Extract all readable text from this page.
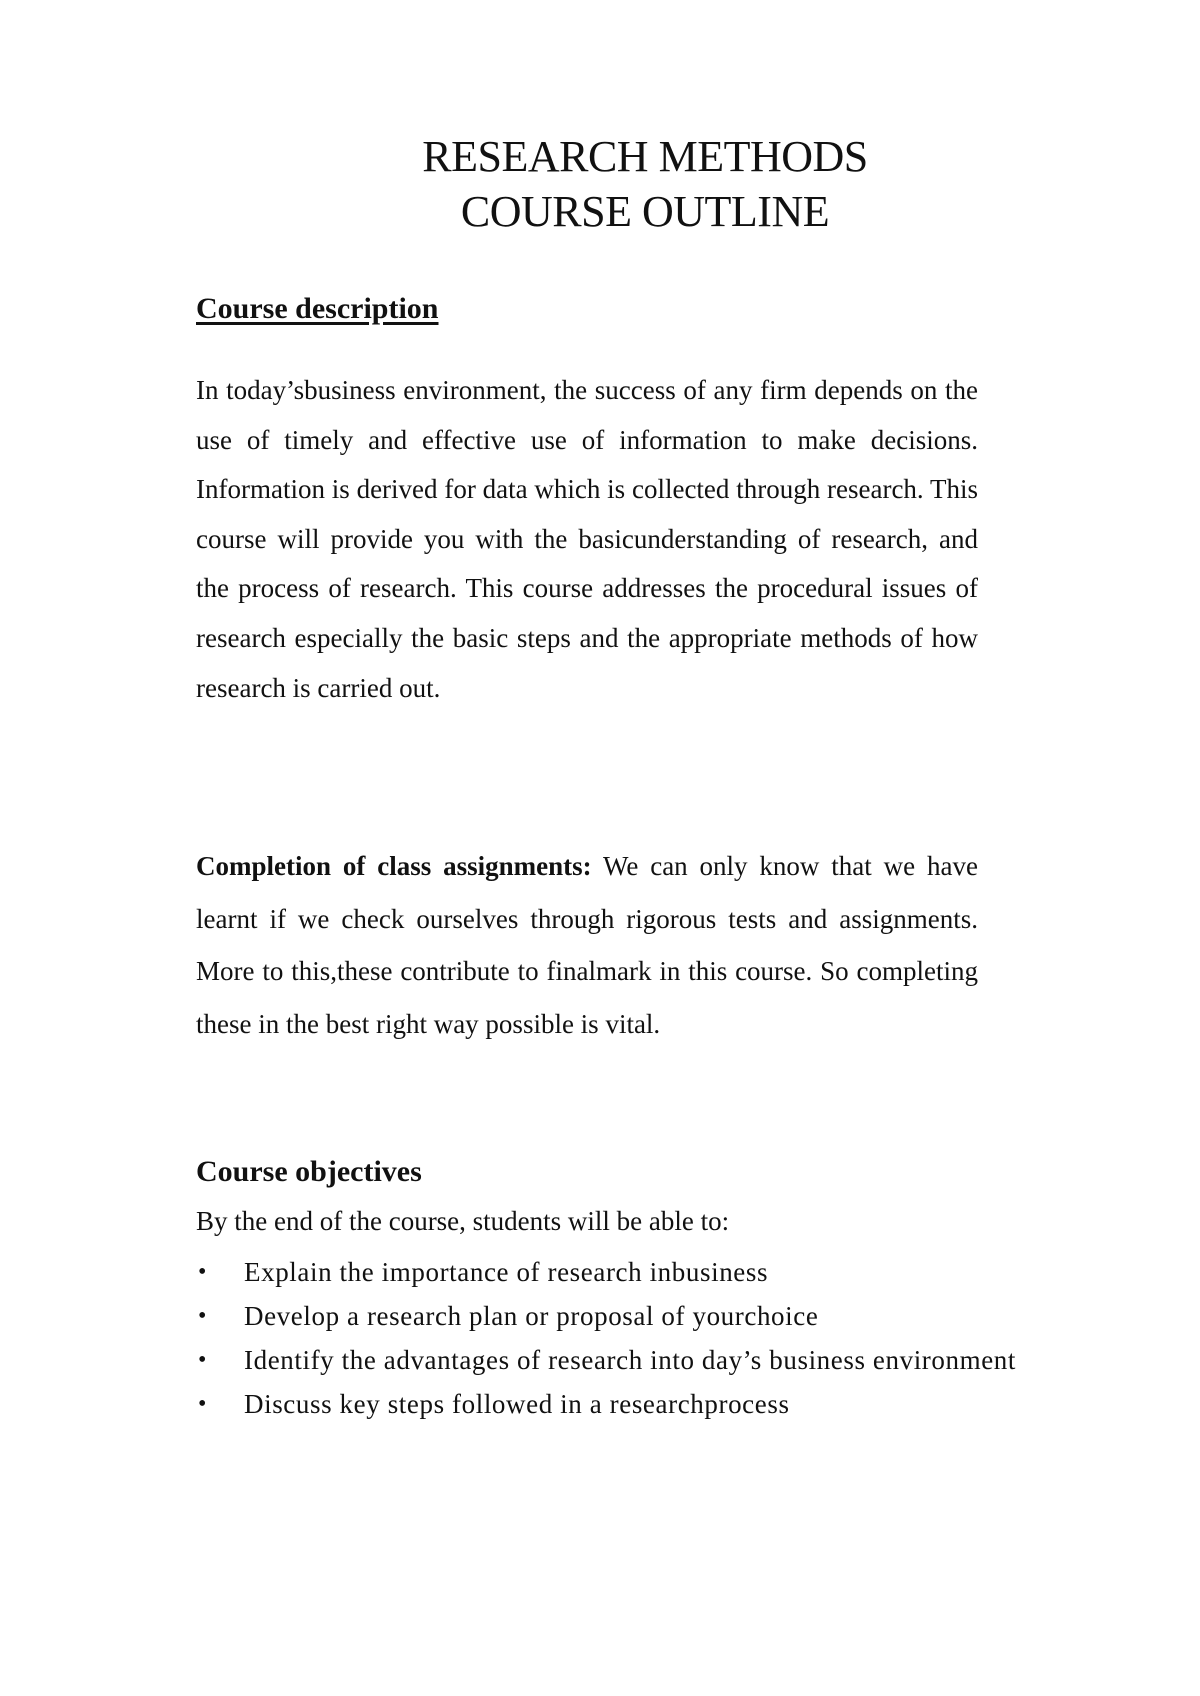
RESEARCH METHODS
COURSE OUTLINE
Course description
In today’sbusiness environment, the success of any firm depends on the use of timely and effective use of information to make decisions. Information is derived for data which is collected through research. This course will provide you with the basicunderstanding of research, and the process of research. This course addresses the procedural issues of research especially the basic steps and the appropriate methods of how research is carried out.
Completion of class assignments: We can only know that we have learnt if we check ourselves through rigorous tests and assignments. More to this,these contribute to finalmark in this course. So completing these in the best right way possible is vital.
Course objectives
By the end of the course, students will be able to:
• Explain the importance of research inbusiness
• Develop a research plan or proposal of yourchoice
• Identify the advantages of research into day’s business environment
• Discuss key steps followed in a researchprocess
